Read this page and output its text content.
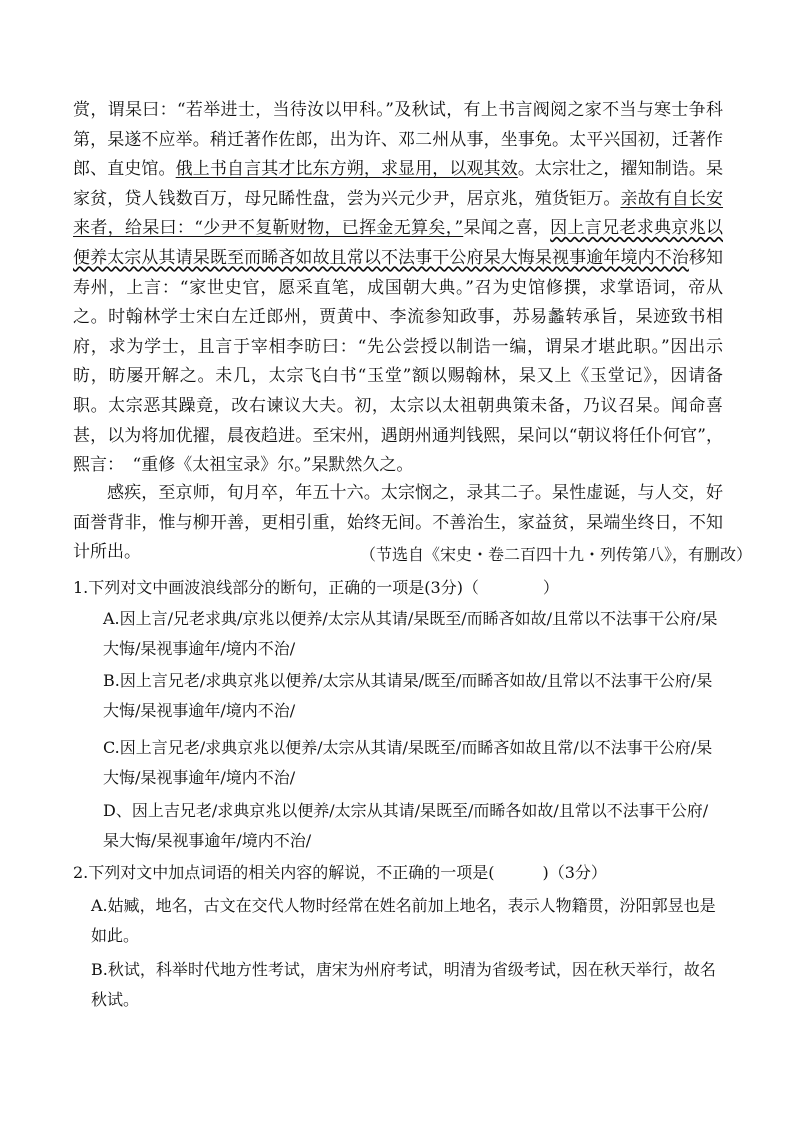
赏，谓杲曰：“若举进士，当待汝以甲科。”及秋试，有上书言阀阅之家不当与寒士争科第，杲遂不应举。稍迁著作佐郎，出为许、邓二州从事，坐事免。太平兴国初，迁著作郎、直史馆。俄上书自言其才比东方朔，求显用，以观其效。太宗壮之，擢知制诰。杲家贫，贷人钱数百万，母兄睎性盘，尝为兴元少尹，居京兆，殖货钜万。亲故有自长安来者，给杲曰：“少尹不复靳财物，已挥金无算矣，”杲闻之喜，因上言兄老求典京兆以便养太宗从其请杲既至而睎吝如故且常以不法事干公府杲大悔杲视事逾年境内不治移知寿州，上言：“家世史官，愿采直笔，成国朝大典。”召为史馆修撰，求掌语词，帝从之。时翰林学士宋白左迁郎州，贾黄中、李流参知政事，苏易蠡转承旨，杲迹致书相府，求为学士，且言于宰相李昉曰：“先公尝授以制诰一编，谓杲才堪此职。”因出示昉，昉屡开解之。未几，太宗飞白书“玉堂”额以赐翰林，杲又上《玉堂记》，因请备职。太宗恶其躁竟，改右谏议大夫。初，太宗以太祖朝典策未备，乃议召杲。闻命喜甚，以为将加优擢，晨夜趋进。至宋州，遇朗州通判钱熙，杲问以“朝议将任仆何官”，熙言：　“重修《太祖宝录》尔。”杲默然久之。

感疾，至京师，旬月卒，年五十六。太宗悯之，录其二子。杲性虚诞，与人交，好面誉背非，惟与柳开善，更相引重，始终无间。不善治生，家益贫，杲端坐终日，不知计所出。	（节选自《宋史・卷二百四十九・列传第八》，有删改）

1.下列对文中画波浪线部分的断句，正确的一项是(3分)（　　　　）

A.因上言/兄老求典/京兆以便养/太宗从其请/杲既至/而睎吝如故/且常以不法事干公府/杲大悔/杲视事逾年/境内不治/

B.因上言兄老/求典京兆以便养/太宗从其请杲/既至/而睎吝如故/且常以不法事干公府/杲大悔/杲视事逾年/境内不治/

C.因上言兄老/求典京兆以便养/太宗从其请/杲既至/而睎吝如故且常/以不法事干公府/杲大悔/杲视事逾年/境内不治/

D、因上吉兄老/求典京兆以便养/太宗从其请/杲既至/而睎各如故/且常以不法事干公府/杲大悔/杲视事逾年/境内不治/

2.下列对文中加点词语的相关内容的解说，不正确的一项是(　　　)（3分）

A.姑臧，地名，古文在交代人物时经常在姓名前加上地名，表示人物籍贯，汾阳郭昱也是如此。

B.秋试，科举时代地方性考试，唐宋为州府考试，明清为省级考试，因在秋天举行，故名秋试。
